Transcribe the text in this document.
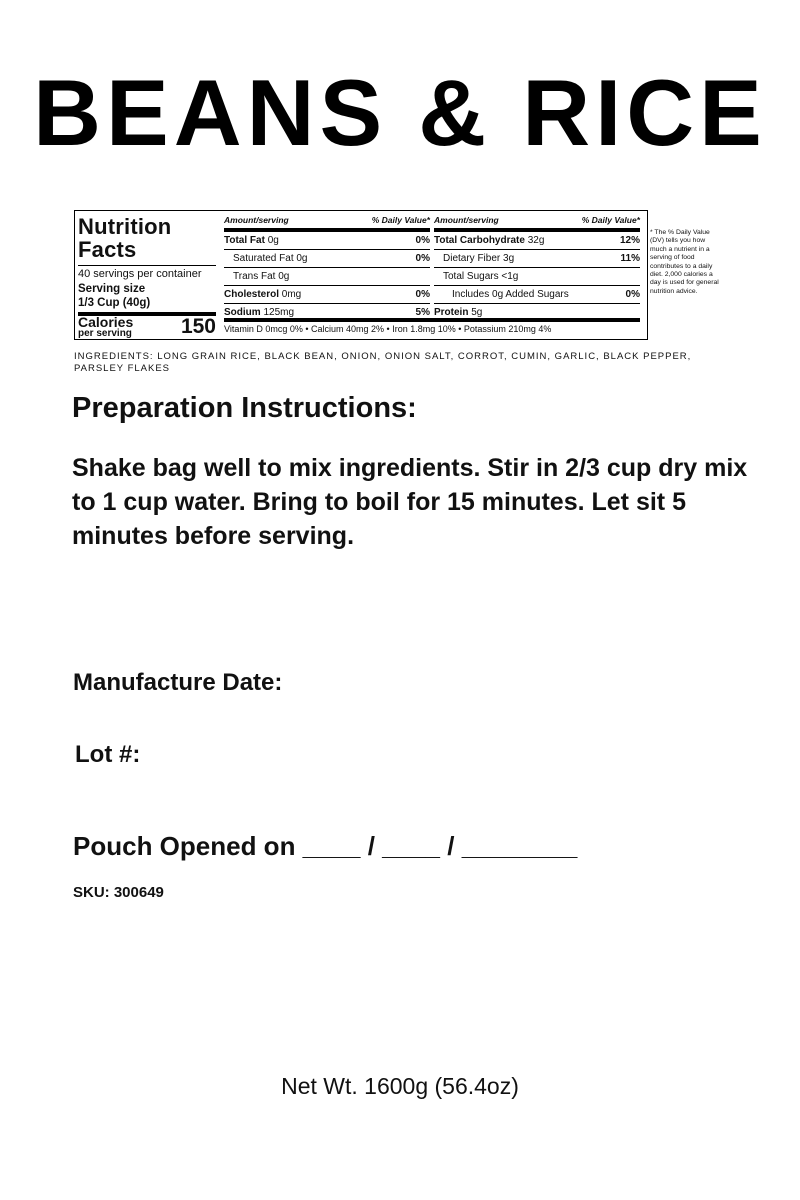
BEANS & RICE
Nutrition
Facts
40 servings per container
Serving size
1/3 Cup (40g)
Calories
per serving 150
Amount/serving	% Daily Value*
Total Fat 0g	0%
Saturated Fat 0g	0%
Trans Fat 0g
Cholesterol 0mg	0%
Sodium 125mg	5%
Amount/serving	% Daily Value*
Total Carbohydrate 32g	12%
Dietary Fiber 3g	11%
Total Sugars <1g
Includes 0g Added Sugars	0%
Protein 5g
Vitamin D 0mcg 0% • Calcium 40mg 2% • Iron 1.8mg 10% • Potassium 210mg 4%
* The % Daily Value (DV) tells you how much a nutrient in a serving of food contributes to a daily diet. 2,000 calories a day is used for general nutrition advice.
INGREDIENTS: LONG GRAIN RICE, BLACK BEAN, ONION, ONION SALT, CORROT, CUMIN, GARLIC, BLACK PEPPER, PARSLEY FLAKES
Preparation Instructions:
Shake bag well to mix ingredients. Stir in 2/3 cup dry mix to 1 cup water. Bring to boil for 15 minutes. Let sit 5 minutes before serving.
Manufacture Date:
Lot #:
Pouch Opened on ____ / ____ / ________
SKU: 300649
Net Wt. 1600g (56.4oz)
